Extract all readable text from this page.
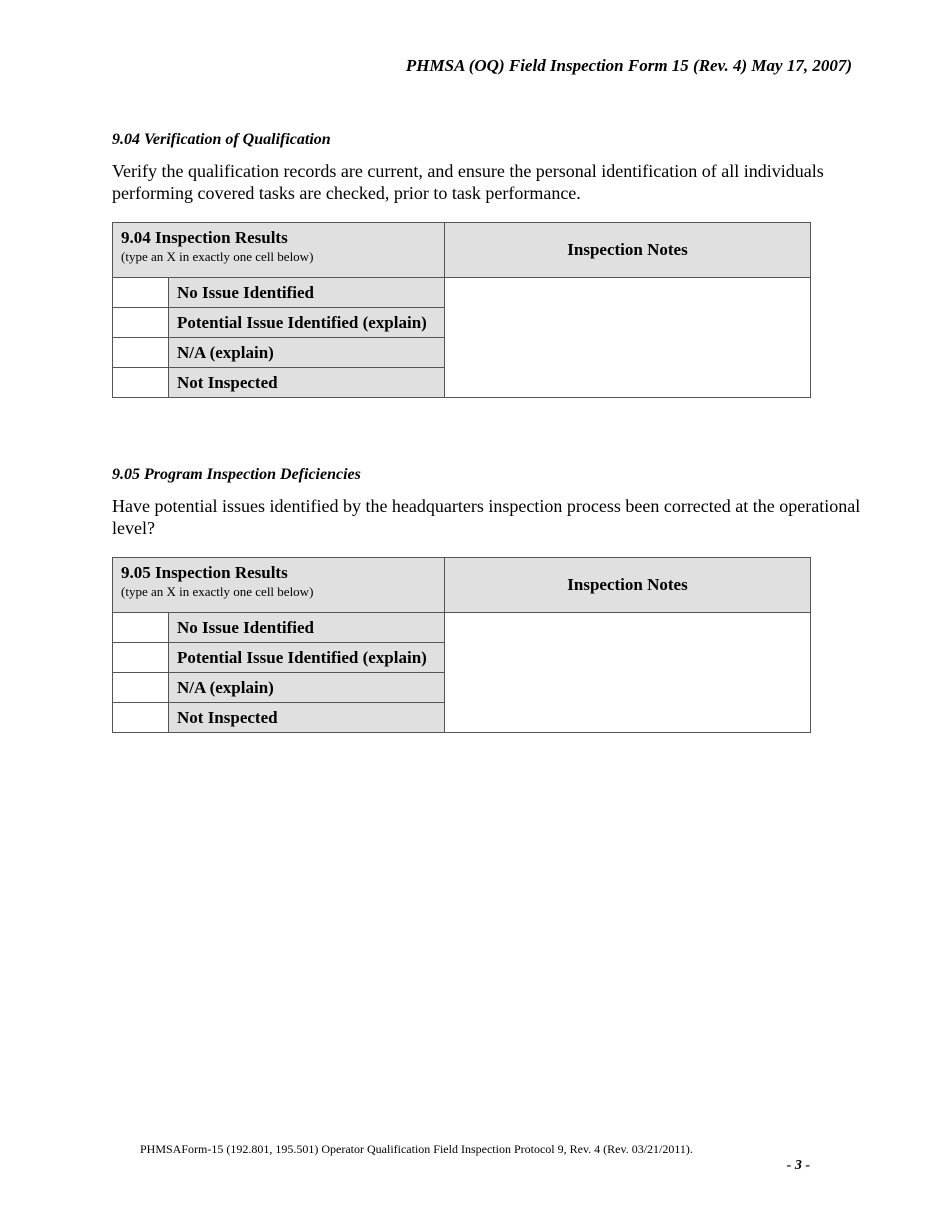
PHMSA (OQ) Field Inspection Form 15 (Rev. 4) May 17, 2007)
9.04 Verification of Qualification
Verify the qualification records are current, and ensure the personal identification of all individuals performing covered tasks are checked, prior to task performance.
9.04 Inspection Results
(type an X in exactly one cell below)		Inspection Notes
	No Issue Identified	
	Potential Issue Identified (explain)	
	N/A (explain)	
	Not Inspected	
9.05 Program Inspection Deficiencies
Have potential issues identified by the headquarters inspection process been corrected at the operational level?
9.05 Inspection Results
(type an X in exactly one cell below)		Inspection Notes
	No Issue Identified	
	Potential Issue Identified (explain)	
	N/A (explain)	
	Not Inspected	
PHMSAForm-15 (192.801, 195.501) Operator Qualification Field Inspection Protocol 9, Rev. 4 (Rev. 03/21/2011).
- 3 -
